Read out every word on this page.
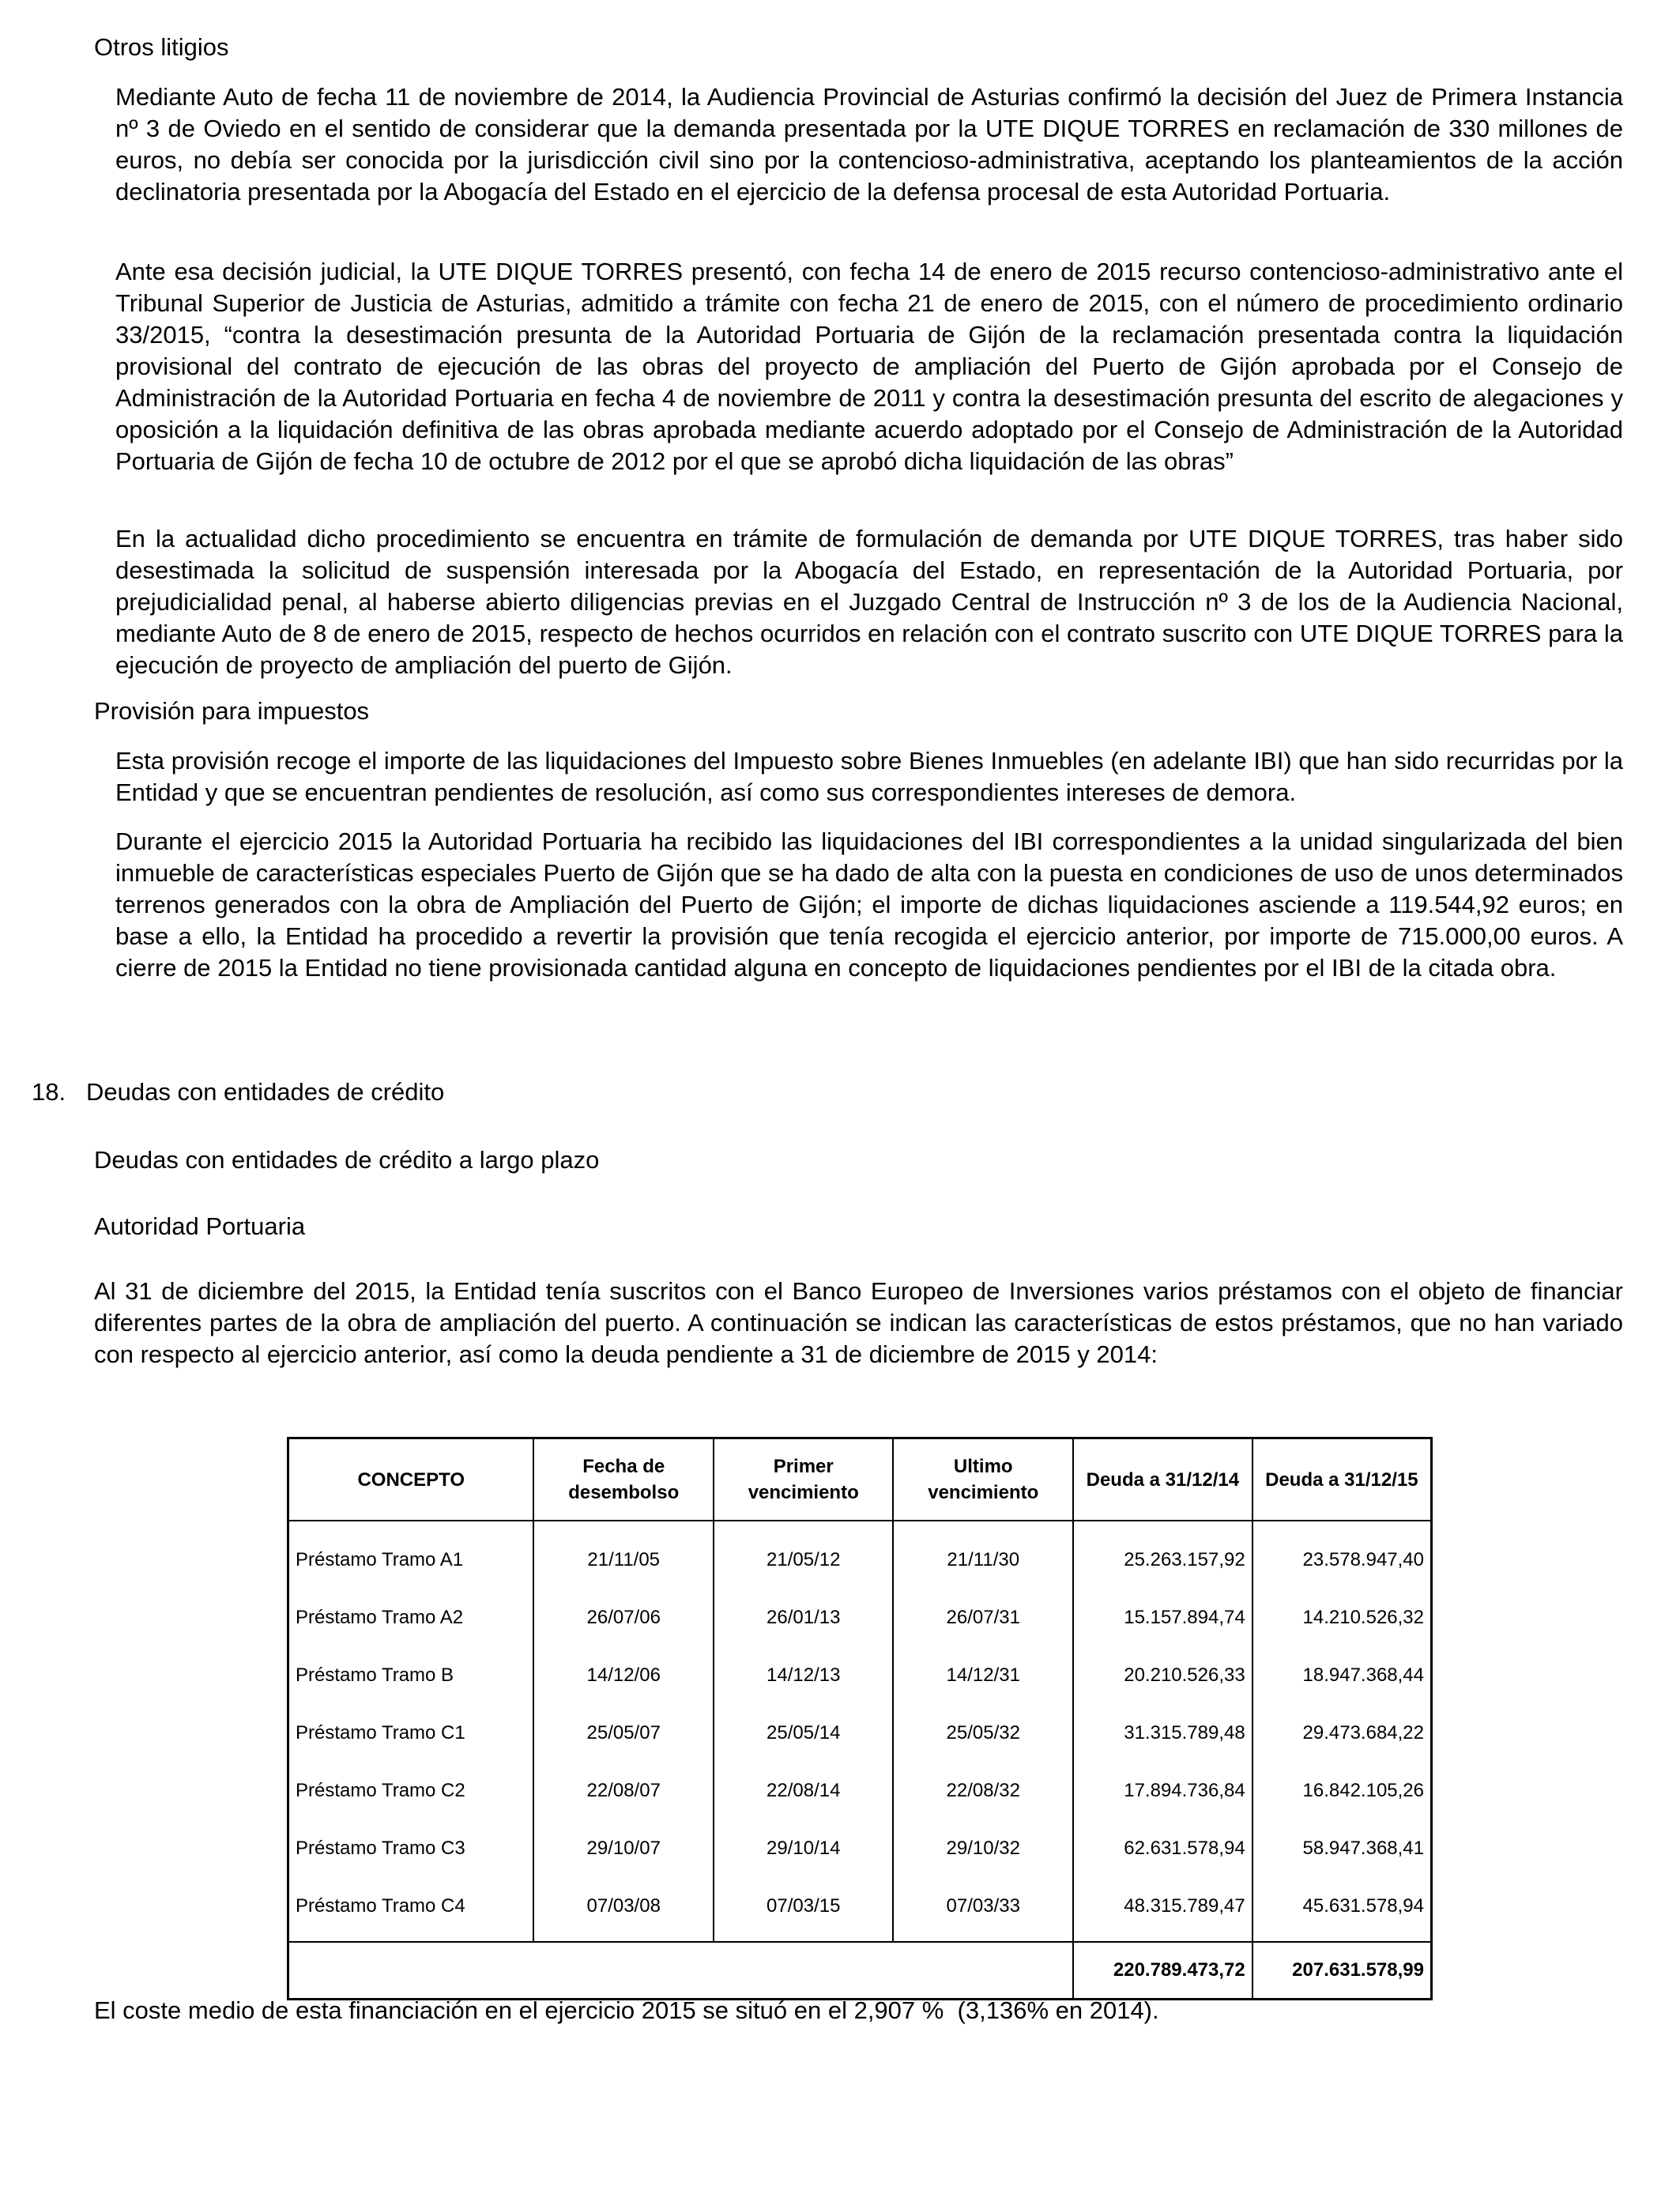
Otros litigios

Mediante Auto de fecha 11 de noviembre de 2014, la Audiencia Provincial de Asturias confirmó la decisión del Juez de Primera Instancia nº 3 de Oviedo en el sentido de considerar que la demanda presentada por la UTE DIQUE TORRES en reclamación de 330 millones de euros, no debía ser conocida por la jurisdicción civil sino por la contencioso-administrativa, aceptando los planteamientos de la acción declinatoria presentada por la Abogacía del Estado en el ejercicio de la defensa procesal de esta Autoridad Portuaria.

Ante esa decisión judicial, la UTE DIQUE TORRES presentó, con fecha 14 de enero de 2015 recurso contencioso-administrativo ante el Tribunal Superior de Justicia de Asturias, admitido a trámite con fecha 21 de enero de 2015, con el número de procedimiento ordinario 33/2015, “contra la desestimación presunta de la Autoridad Portuaria de Gijón de la reclamación presentada contra la liquidación provisional del contrato de ejecución de las obras del proyecto de ampliación del Puerto de Gijón aprobada por el Consejo de Administración de la Autoridad Portuaria en fecha 4 de noviembre de 2011 y contra la desestimación presunta del escrito de alegaciones y oposición a la liquidación definitiva de las obras aprobada mediante acuerdo adoptado por el Consejo de Administración de la Autoridad Portuaria de Gijón de fecha 10 de octubre de 2012 por el que se aprobó dicha liquidación de las obras”

En la actualidad dicho procedimiento se encuentra en trámite de formulación de demanda por UTE DIQUE TORRES, tras haber sido desestimada la solicitud de suspensión interesada por la Abogacía del Estado, en representación de la Autoridad Portuaria, por prejudicialidad penal, al haberse abierto diligencias previas en el Juzgado Central de Instrucción nº 3 de los de la Audiencia Nacional, mediante Auto de 8 de enero de 2015, respecto de hechos ocurridos en relación con el contrato suscrito con UTE DIQUE TORRES para la ejecución de proyecto de ampliación del puerto de Gijón.

Provisión para impuestos

Esta provisión recoge el importe de las liquidaciones del Impuesto sobre Bienes Inmuebles (en adelante IBI) que han sido recurridas por la Entidad y que se encuentran pendientes de resolución, así como sus correspondientes intereses de demora.

Durante el ejercicio 2015 la Autoridad Portuaria ha recibido las liquidaciones del IBI correspondientes a la unidad singularizada del bien inmueble de características especiales Puerto de Gijón que se ha dado de alta con la puesta en condiciones de uso de unos determinados terrenos generados con la obra de Ampliación del Puerto de Gijón; el importe de dichas liquidaciones asciende a 119.544,92 euros; en base a ello, la Entidad ha procedido a revertir la provisión que tenía recogida el ejercicio anterior, por importe de 715.000,00 euros. A cierre de 2015 la Entidad no tiene provisionada cantidad alguna en concepto de liquidaciones pendientes por el IBI de la citada obra.

18. Deudas con entidades de crédito
Deudas con entidades de crédito a largo plazo
Autoridad Portuaria

Al 31 de diciembre del 2015, la Entidad tenía suscritos con el Banco Europeo de Inversiones varios préstamos con el objeto de financiar diferentes partes de la obra de ampliación del puerto. A continuación se indican las características de estos préstamos, que no han variado con respecto al ejercicio anterior, así como la deuda pendiente a 31 de diciembre de 2015 y 2014:

CONCEPTO	Fecha de desembolso	Primer vencimiento	Ultimo vencimiento	Deuda a 31/12/14	Deuda a 31/12/15
Préstamo Tramo A1	21/11/05	21/05/12	21/11/30	25.263.157,92	23.578.947,40
Préstamo Tramo A2	26/07/06	26/01/13	26/07/31	15.157.894,74	14.210.526,32
Préstamo Tramo B	14/12/06	14/12/13	14/12/31	20.210.526,33	18.947.368,44
Préstamo Tramo C1	25/05/07	25/05/14	25/05/32	31.315.789,48	29.473.684,22
Préstamo Tramo C2	22/08/07	22/08/14	22/08/32	17.894.736,84	16.842.105,26
Préstamo Tramo C3	29/10/07	29/10/14	29/10/32	62.631.578,94	58.947.368,41
Préstamo Tramo C4	07/03/08	07/03/15	07/03/33	48.315.789,47	45.631.578,94
				220.789.473,72	207.631.578,99

El coste medio de esta financiación en el ejercicio 2015 se situó en el 2,907 %  (3,136% en 2014).
